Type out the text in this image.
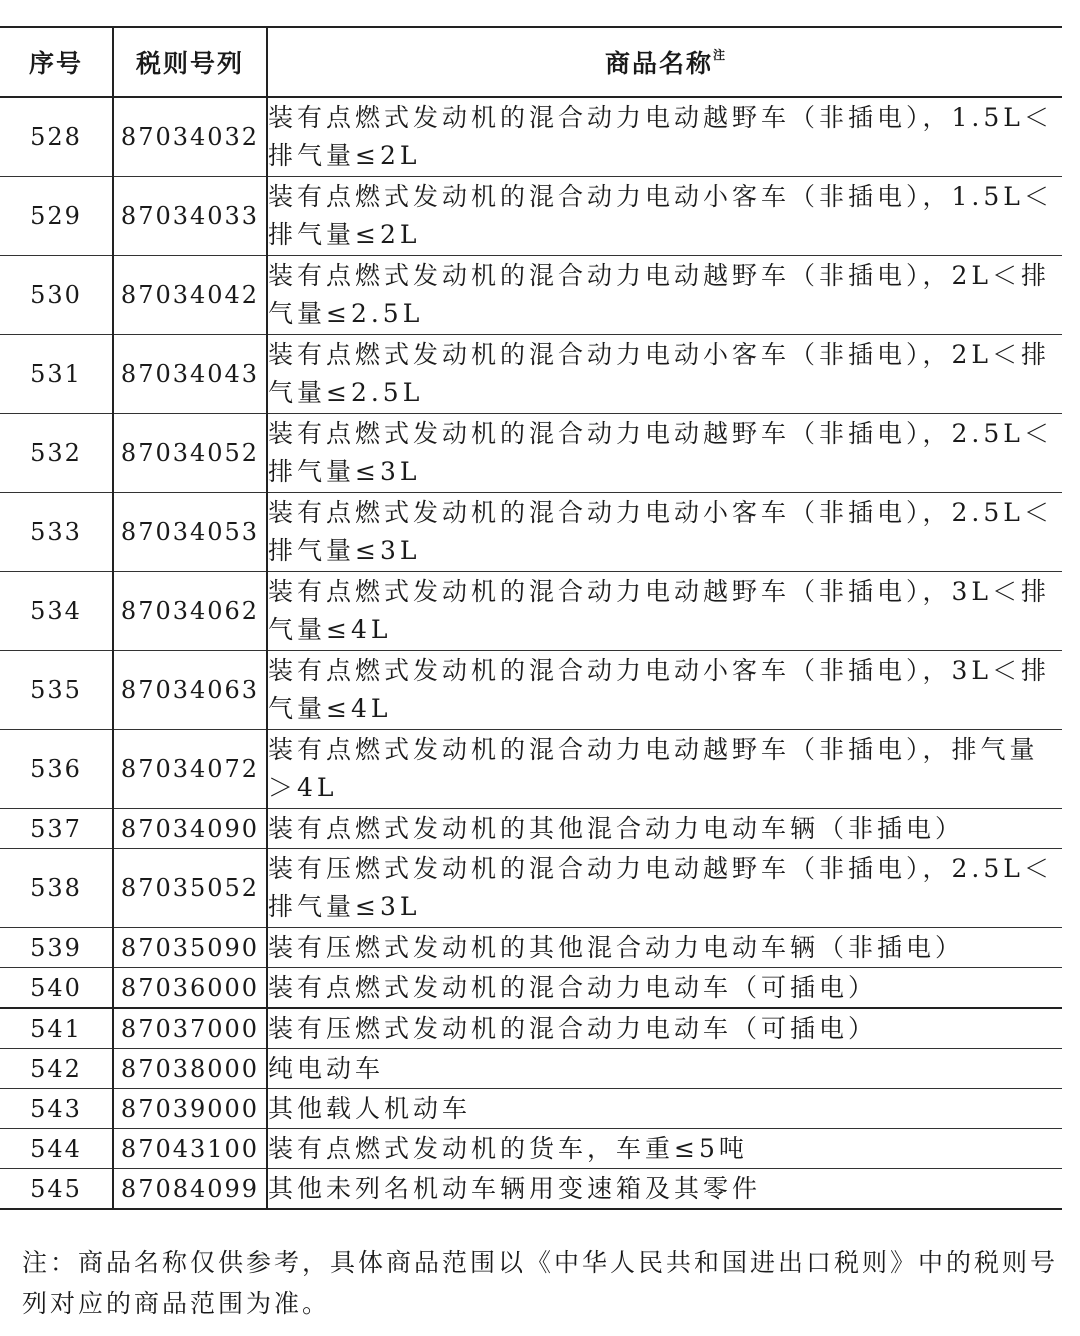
序号	税则号列	商品名称$^注$
528	87034032	装有点燃式发动机的混合动力电动越野车（非插电），1.5L＜排气量≤2L
529	87034033	装有点燃式发动机的混合动力电动小客车（非插电），1.5L＜排气量≤2L
530	87034042	装有点燃式发动机的混合动力电动越野车（非插电），2L＜排气量≤2.5L
531	87034043	装有点燃式发动机的混合动力电动小客车（非插电），2L＜排气量≤2.5L
532	87034052	装有点燃式发动机的混合动力电动越野车（非插电），2.5L＜排气量≤3L
533	87034053	装有点燃式发动机的混合动力电动小客车（非插电），2.5L＜排气量≤3L
534	87034062	装有点燃式发动机的混合动力电动越野车（非插电），3L＜排气量≤4L
535	87034063	装有点燃式发动机的混合动力电动小客车（非插电），3L＜排气量≤4L
536	87034072	装有点燃式发动机的混合动力电动越野车（非插电），排气量＞4L
537	87034090	装有点燃式发动机的其他混合动力电动车辆（非插电）
538	87035052	装有压燃式发动机的混合动力电动越野车（非插电），2.5L＜排气量≤3L
539	87035090	装有压燃式发动机的其他混合动力电动车辆（非插电）
540	87036000	装有点燃式发动机的混合动力电动车（可插电）
541	87037000	装有压燃式发动机的混合动力电动车（可插电）
542	87038000	纯电动车
543	87039000	其他载人机动车
544	87043100	装有点燃式发动机的货车，车重≤5吨
545	87084099	其他未列名机动车辆用变速箱及其零件
注：商品名称仅供参考，具体商品范围以《中华人民共和国进出口税则》中的税则号列对应的商品范围为准。
